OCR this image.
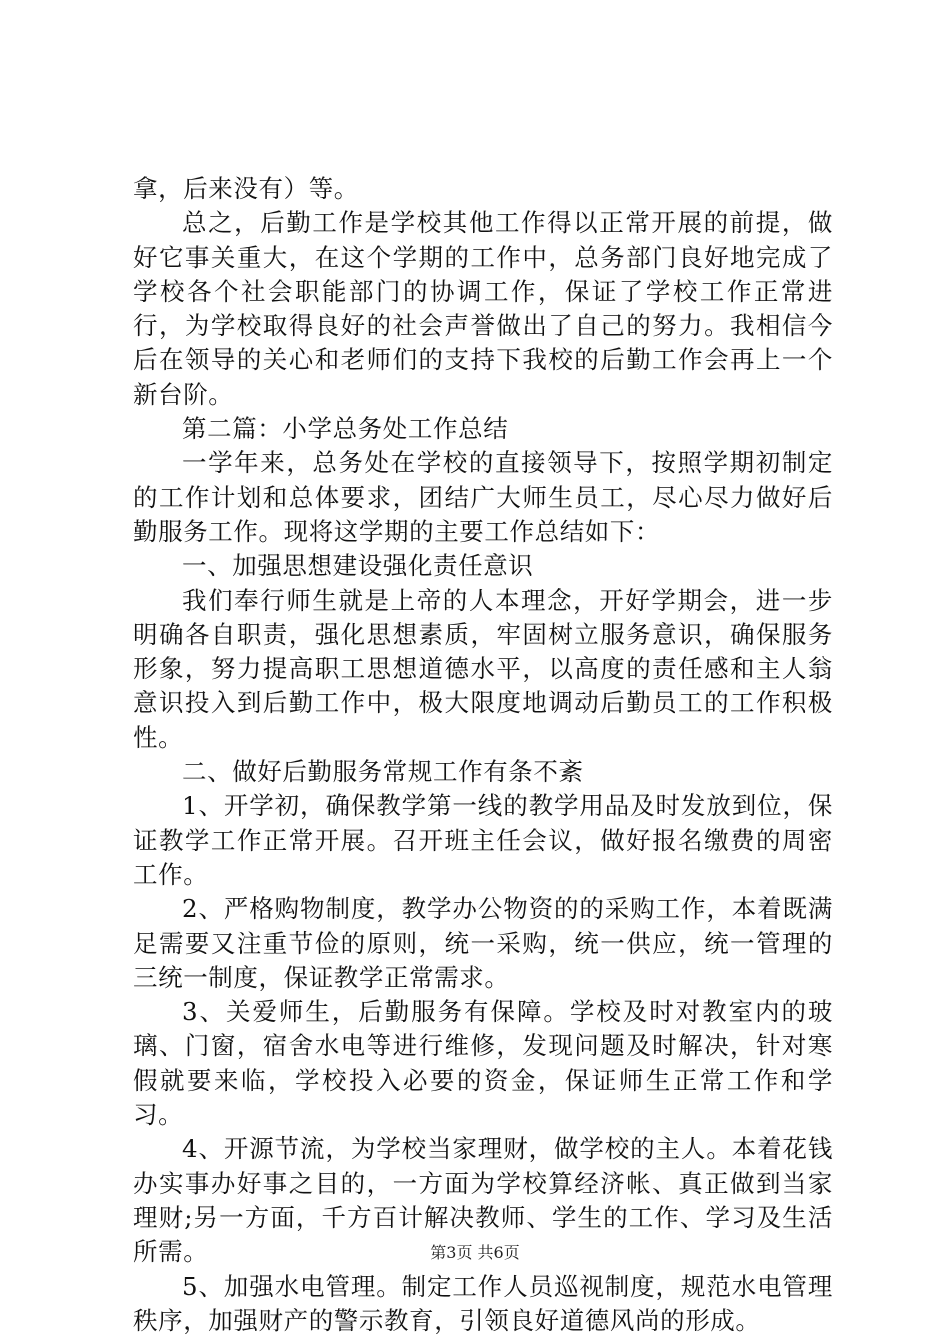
拿，后来没有）等。

总之，后勤工作是学校其他工作得以正常开展的前提，做好它事关重大，在这个学期的工作中，总务部门良好地完成了学校各个社会职能部门的协调工作，保证了学校工作正常进行，为学校取得良好的社会声誉做出了自己的努力。我相信今后在领导的关心和老师们的支持下我校的后勤工作会再上一个新台阶。

第二篇：小学总务处工作总结

一学年来，总务处在学校的直接领导下，按照学期初制定的工作计划和总体要求，团结广大师生员工，尽心尽力做好后勤服务工作。现将这学期的主要工作总结如下：

一、加强思想建设强化责任意识

我们奉行师生就是上帝的人本理念，开好学期会，进一步明确各自职责，强化思想素质，牢固树立服务意识，确保服务形象，努力提高职工思想道德水平，以高度的责任感和主人翁意识投入到后勤工作中，极大限度地调动后勤员工的工作积极性。

二、做好后勤服务常规工作有条不紊

1、开学初，确保教学第一线的教学用品及时发放到位，保证教学工作正常开展。召开班主任会议，做好报名缴费的周密工作。

2、严格购物制度，教学办公物资的的采购工作，本着既满足需要又注重节俭的原则，统一采购，统一供应，统一管理的三统一制度，保证教学正常需求。

3、关爱师生，后勤服务有保障。学校及时对教室内的玻璃、门窗，宿舍水电等进行维修，发现问题及时解决，针对寒假就要来临，学校投入必要的资金，保证师生正常工作和学习。

4、开源节流，为学校当家理财，做学校的主人。本着花钱办实事办好事之目的，一方面为学校算经济帐、真正做到当家理财;另一方面，千方百计解决教师、学生的工作、学习及生活所需。

5、加强水电管理。制定工作人员巡视制度，规范水电管理秩序，加强财产的警示教育，引领良好道德风尚的形成。

第3页 共6页
